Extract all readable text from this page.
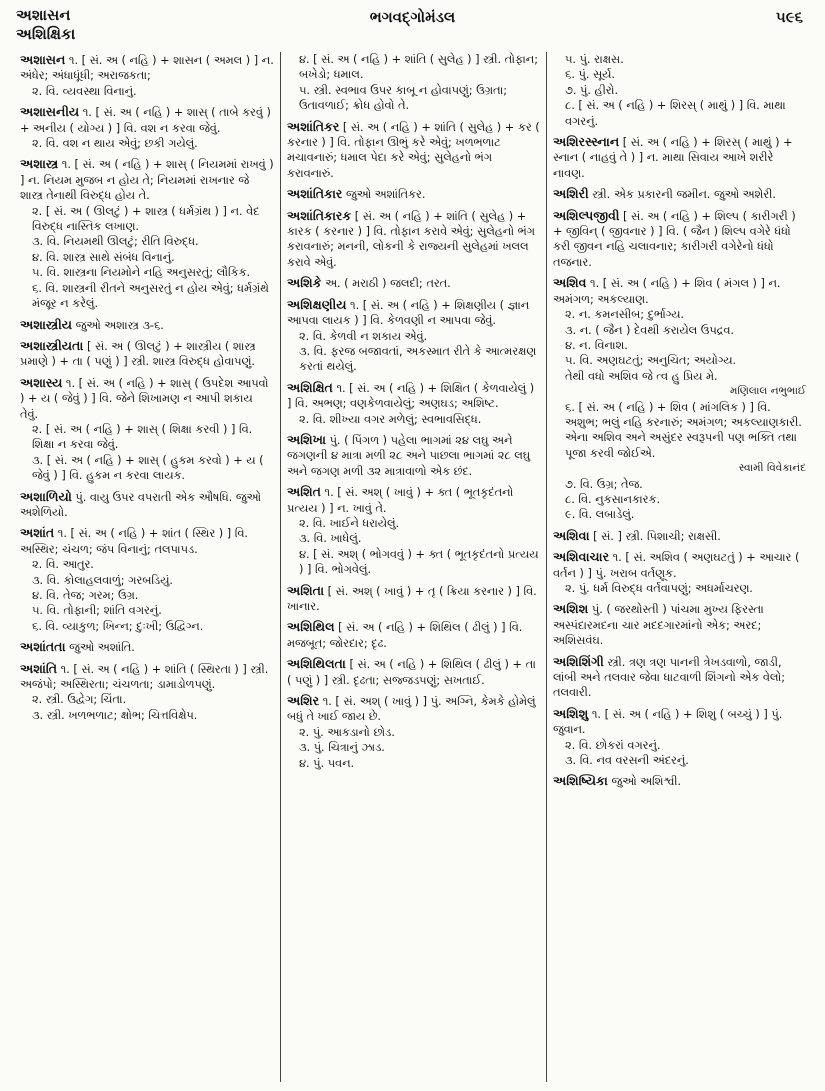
અશાસન
અશિક્ષિકા
ભગવદ્ગોમંડલ	૫૯૬
અશાસન ૧. [ સં. અ ( નહિ ) + શાસન ( અમલ ) ] ન. અંધેર; અંધાધૂંધી; અરાજકતા;
૨. વિ. વ્યવસ્થા વિનાનું.
અશાસનીય ૧. [ સં. અ ( નહિ ) + શાસ્ ( તાબે કરવું ) + અનીય ( યોગ્ય ) ] વિ. વશ ન કરવા જેવું.
૨. વિ. વશ ન થાય એવું; છકી ગયેલું.
અશાસ્ત્ર ૧. [ સં. અ ( નહિ ) + શાસ્ ( નિયમમાં રાખવું ) ] ન. નિયમ મુજબ ન હોય તે; નિયમમાં રાખનાર જે શાસ્ત્ર તેનાથી વિરુદ્ધ હોય તે.
૨. [ સં. અ ( ઊલટું ) + શાસ્ત્ર ( ધર્મગ્રંથ ) ] ન. વેદ વિરુદ્ધ નાસ્તિક લખાણ.
૩. વિ. નિયમથી ઊલટું; રીતિ વિરુદ્ધ.
૪. વિ. શાસ્ત્ર સાથે સંબંધ વિનાનું.
૫. વિ. શાસ્ત્રના નિયમોને નહિ અનુસરતું; લૌકિક.
૬. વિ. શાસ્ત્રની રીતને અનુસરતું ન હોય એવું; ધર્મગ્રંથે મંજૂર ન કરેલું.
અશાસ્ત્રીય જુઓ અશાસ્ત્ર ૩-૬.
અશાસ્ત્રીયતા [ સં. અ ( ઊલટું ) + શાસ્ત્રીય ( શાસ્ત્ર પ્રમાણે ) + તા ( પણું ) ] સ્ત્રી. શાસ્ત્ર વિરુદ્ધ હોવાપણું.
અશાસ્ય ૧. [ સં. અ ( નહિ ) + શાસ્ ( ઉપદેશ આપવો ) + ય ( જેવું ) ] વિ. જેને શિખામણ ન આપી શકાય તેવું.
૨. [ સં. અ ( નહિ ) + શાસ્ ( શિક્ષા કરવી ) ] વિ. શિક્ષા ન કરવા જેવું.
૩. [ સં. અ ( નહિ ) + શાસ્ ( હુકમ કરવો ) + ય ( જેવું ) ] વિ. હુકમ ન કરવા લાયક.
અશાળિયો પું. વાયુ ઉપર વપરાતી એક ઔષધિ. જુઓ અશેળિયો.
અશાંત ૧. [ સં. અ ( નહિ ) + શાંત ( સ્થિર ) ] વિ. અસ્થિર; ચંચળ; જંપ વિનાનું; તલપાપડ.
૨. વિ. આતુર.
૩. વિ. કોલાહલવાળું; ગરબડિયું.
૪. વિ. તેજ; ગરમ; ઉગ્ર.
૫. વિ. તોફાની; શાંતિ વગરનું.
૬. વિ. વ્યાકુળ; ખિન્ન; દુઃખી; ઉદ્વિગ્ન.
અશાંતતા જુઓ અશાંતિ.
અશાંતિ ૧. [ સં. અ ( નહિ ) + શાંતિ ( સ્થિરતા ) ] સ્ત્રી. અજંપો; અસ્થિરતા; ચંચળતા; ડામાડોળપણું.
૨. સ્ત્રી. ઉદ્વેગ; ચિંતા.
૩. સ્ત્રી. ખળભળાટ; ક્ષોભ; ચિત્તવિક્ષેપ.
૪. [ સં. અ ( નહિ ) + શાંતિ ( સુલેહ ) ] સ્ત્રી. તોફાન; બખેડો; ધમાલ.
૫. સ્ત્રી. સ્વભાવ ઉપર કાબૂ ન હોવાપણું; ઉગ્રતા; ઉતાવળાઈ; ક્રોધ હોવો તે.
અશાંતિકર [ સં. અ ( નહિ ) + શાંતિ ( સુલેહ ) + કર ( કરનાર ) ] વિ. તોફાન ઊભું કરે એવું; ખળભળાટ મચાવનારું; ધમાલ પેદા કરે એવું; સુલેહનો ભંગ કરાવનારું.
અશાંતિકાર જુઓ અશાંતિકર.
અશાંતિકારક [ સં. અ ( નહિ ) + શાંતિ ( સુલેહ ) + કારક ( કરનાર ) ] વિ. તોફાન કરાવે એવું; સુલેહનો ભંગ કરાવનારું; મનની, લોકની કે રાજ્યની સુલેહમાં ખલલ કરાવે એવું.
અશિકે અ. ( મરાઠી ) જલદી; તરત.
અશિક્ષણીય ૧. [ સં. અ ( નહિ ) + શિક્ષણીય ( જ્ઞાન આપવા લાયક ) ] વિ. કેળવણી ન આપવા જેવું.
૨. વિ. કેળવી ન શકાય એવું.
૩. વિ. ફરજ બજાવતાં, અકસ્માત રીતે કે આત્મરક્ષણ કરતાં થયેલું.
અશિક્ષિત ૧. [ સં. અ ( નહિ ) + શિક્ષિત ( કેળવાયેલું ) ] વિ. અભણ; વણકેળવાયેલું; અણઘડ; અશિષ્ટ.
૨. વિ. શીખ્યા વગર મળેલું; સ્વભાવસિદ્ધ.
અશિખા પું. ( પિંગળ ) પહેલા ભાગમાં ૨૪ લઘુ અને જગણની ૪ માત્રા મળી ૨૮ અને પાછલા ભાગમાં ૨૮ લઘુ અને જગણ મળી ૩૨ માત્રાવાળો એક છંદ.
અશિત ૧. [ સં. અશ્ ( ખાવું ) + ક્ત ( ભૂતકૃદંતનો પ્રત્યય ) ] ન. ખાવું તે.
૨. વિ. ખાઈને ધરાયેલું.
૩. વિ. ખાધેલું.
૪. [ સં. અશ્ ( ભોગવવું ) + ક્ત ( ભૂતકૃદંતનો પ્રત્યય ) ] વિ. ભોગવેલું.
અશિતા [ સં. અશ્ ( ખાવું ) + તૃ ( ક્રિયા કરનાર ) ] વિ. ખાનાર.
અશિથિલ [ સં. અ ( નહિ ) + શિથિલ ( ઢીલું ) ] વિ. મજબૂત; જોરદાર; દૃઢ.
અશિથિલતા [ સં. અ ( નહિ ) + શિથિલ ( ઢીલું ) + તા ( પણું ) ] સ્ત્રી. દૃઢતા; સજ્જડપણું; સખતાઈ.
અશિર ૧. [ સં. અશ્ ( ખાવું ) ] પું. અગ્નિ, કેમકે હોમેલું બધું તે ખાઈ જાય છે.
૨. પું. આકડાનો છોડ.
૩. પું. ચિત્રાનું ઝાડ.
૪. પું. પવન.
૫. પું. રાક્ષસ.
૬. પું. સૂર્ય.
૭. પું. હીરો.
૮. [ સં. અ ( નહિ ) + શિરસ્ ( માથું ) ] વિ. માથા વગરનું.
અશિરસ્સ્નાન [ સં. અ ( નહિ ) + શિરસ્ ( માથું ) + સ્નાન ( નાહવું તે ) ] ન. માથા સિવાય આખે શરીરે નાવણ.
અશિરી સ્ત્રી. એક પ્રકારની જમીન. જુઓ અશેરી.
અશિલ્પજીવી [ સં. અ ( નહિ ) + શિલ્પ ( કારીગરી ) + જીવિન્ ( જીવનાર ) ] વિ. ( જૈન ) શિલ્પ વગેરે ધંધો કરી જીવન નહિ ચલાવનાર; કારીગરી વગેરેનો ધંધો તજનાર.
અશિવ ૧. [ સં. અ ( નહિ ) + શિવ ( મંગલ ) ] ન. અમંગળ; અકલ્યાણ.
૨. ન. કમનસીબ; દુર્ભાગ્ય.
૩. ન. ( જૈન ) દેવથી કરાયેલ ઉપદ્રવ.
૪. ન. વિનાશ.
૫. વિ. અણઘટતું; અનુચિત; અયોગ્ય.
તેથી વધો અશિવ જે ત્વ હુ પ્રિય મે.
મણિલાલ નભુભાઈ
૬. [ સં. અ ( નહિ ) + શિવ ( માંગલિક ) ] વિ. અશુભ; ભલું નહિ કરનારું; અમંગળ; અકલ્યાણકારી.
એના અશિવ અને અસુંદર સ્વરૂપની પણ ભક્તિ તથા પૂજા કરવી જોઈએ.
સ્વામી વિવેકાનંદ
૭. વિ. ઉગ્ર; તેજ.
૮. વિ. નુકસાનકારક.
૯. વિ. લબાડેલું.
અશિવા [ સં. ] સ્ત્રી. પિશાચી; રાક્ષસી.
અશિવાચાર ૧. [ સં. અશિવ ( અણઘટતું ) + આચાર ( વર્તન ) ] પું. ખરાબ વર્તણૂક.
૨. પું. ધર્મ વિરુદ્ધ વર્તવાપણું; અધર્માચરણ.
અશિશ પું. ( જરથોસ્તી ) પાંચમા મુખ્ય ફિરસ્તા અસ્પંદારમદના ચાર મદદગારમાંનો એક; અરદ; અશિસવંઘ.
અશિશિંગી સ્ત્રી. ત્રણ ત્રણ પાનની ત્રેખડવાળો, જાડી, લાંબી અને તલવાર જેવા ધાટવાળી શિંગનો એક વેલો; તલવારી.
અશિશુ ૧. [ સં. અ ( નહિ ) + શિશુ ( બચ્ચું ) ] પું. જુવાન.
૨. વિ. છોકરાં વગરનું.
૩. વિ. નવ વરસની અંદરનું.
અશિષ્યિકા જુઓ અશિશ્વી.
